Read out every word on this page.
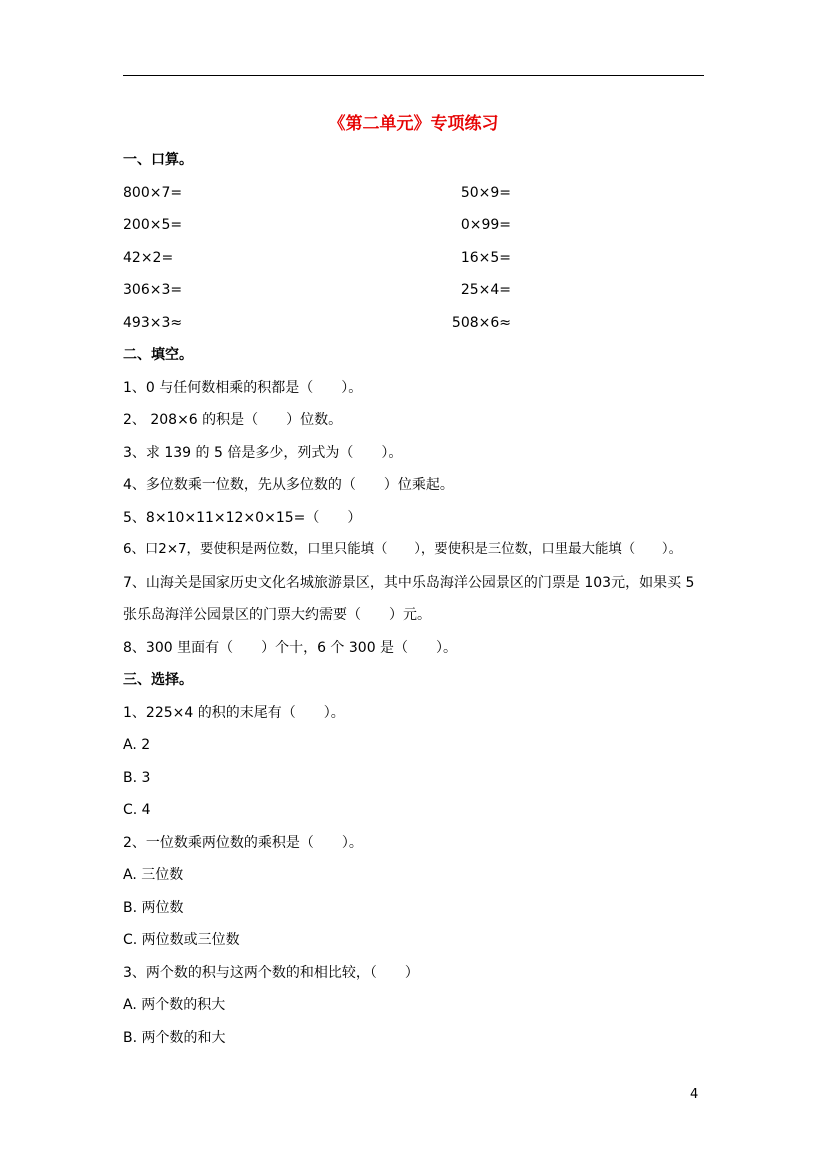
《第二单元》专项练习
一、口算。
800×7=	50×9=
200×5=	0×99=
42×2=	16×5=
306×3=	25×4=
493×3≈	508×6≈
二、填空。
1、0 与任何数相乘的积都是（　　）。
2、 208×6 的积是（　　）位数。
3、求 139 的 5 倍是多少，列式为（　　）。
4、多位数乘一位数，先从多位数的（　　）位乘起。
5、8×10×11×12×0×15=（　　）
6、口2×7，要使积是两位数，口里只能填（　　），要使积是三位数，口里最大能填（　　）。
7、山海关是国家历史文化名城旅游景区，其中乐岛海洋公园景区的门票是 103元，如果买 5
张乐岛海洋公园景区的门票大约需要（　　）元。
8、300 里面有（　　）个十，6 个 300 是（　　）。
三、选择。
1、225×4 的积的末尾有（　　）。
A. 2
B. 3
C. 4
2、一位数乘两位数的乘积是（　　）。
A. 三位数
B. 两位数
C. 两位数或三位数
3、两个数的积与这两个数的和相比较，（　　）
A. 两个数的积大
B. 两个数的和大
4
